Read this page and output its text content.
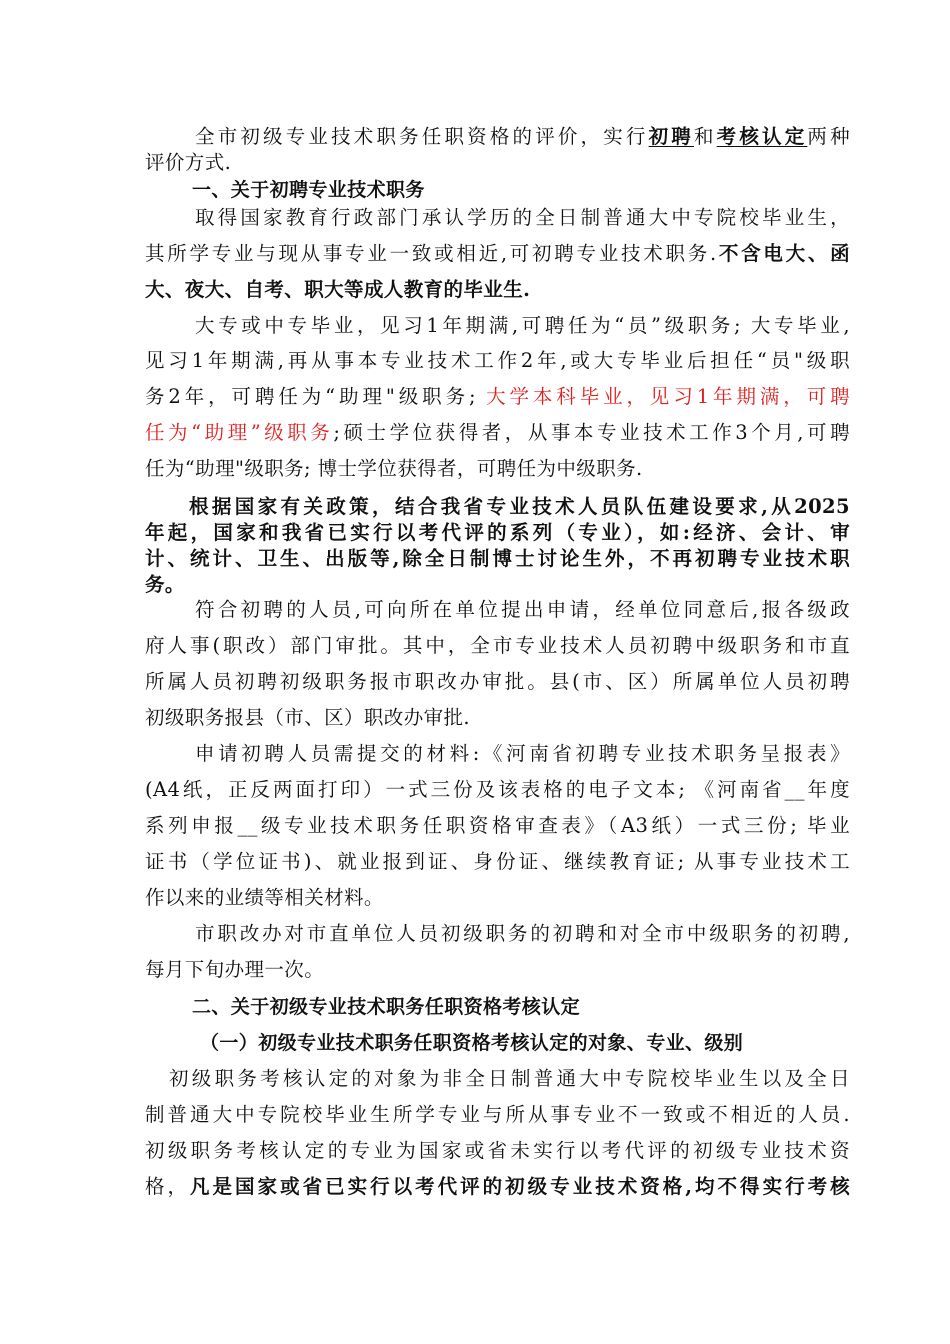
全市初级专业技术职务任职资格的评价，实行初聘和考核认定两种
评价方式.
一、关于初聘专业技术职务
取得国家教育行政部门承认学历的全日制普通大中专院校毕业生，
其所学专业与现从事专业一致或相近,可初聘专业技术职务.不含电大、函
大、夜大、自考、职大等成人教育的毕业生.
大专或中专毕业，见习1年期满,可聘任为“员”级职务; 大专毕业,
见习1年期满,再从事本专业技术工作2年,或大专毕业后担任“员"级职
务2年，可聘任为“助理"级职务; 大学本科毕业，见习1年期满，可聘
任为“助理”级职务;硕士学位获得者，从事本专业技术工作3个月,可聘
任为“助理"级职务; 博士学位获得者，可聘任为中级职务.
根据国家有关政策，结合我省专业技术人员队伍建设要求,从2025
年起，国家和我省已实行以考代评的系列（专业），如:经济、会计、审
计、统计、卫生、出版等,除全日制博士讨论生外，不再初聘专业技术职
务。
符合初聘的人员,可向所在单位提出申请，经单位同意后,报各级政
府人事(职改）部门审批。其中，全市专业技术人员初聘中级职务和市直
所属人员初聘初级职务报市职改办审批。县(市、区）所属单位人员初聘
初级职务报县（市、区）职改办审批.
申请初聘人员需提交的材料:《河南省初聘专业技术职务呈报表》
(A4纸，正反两面打印）一式三份及该表格的电子文本; 《河南省__年度
系列申报__级专业技术职务任职资格审查表》（A3纸）一式三份; 毕业
证书（学位证书)、就业报到证、身份证、继续教育证; 从事专业技术工
作以来的业绩等相关材料。
市职改办对市直单位人员初级职务的初聘和对全市中级职务的初聘,
每月下旬办理一次。
二、关于初级专业技术职务任职资格考核认定
（一）初级专业技术职务任职资格考核认定的对象、专业、级别
初级职务考核认定的对象为非全日制普通大中专院校毕业生以及全日
制普通大中专院校毕业生所学专业与所从事专业不一致或不相近的人员.
初级职务考核认定的专业为国家或省未实行以考代评的初级专业技术资
格，凡是国家或省已实行以考代评的初级专业技术资格,均不得实行考核
